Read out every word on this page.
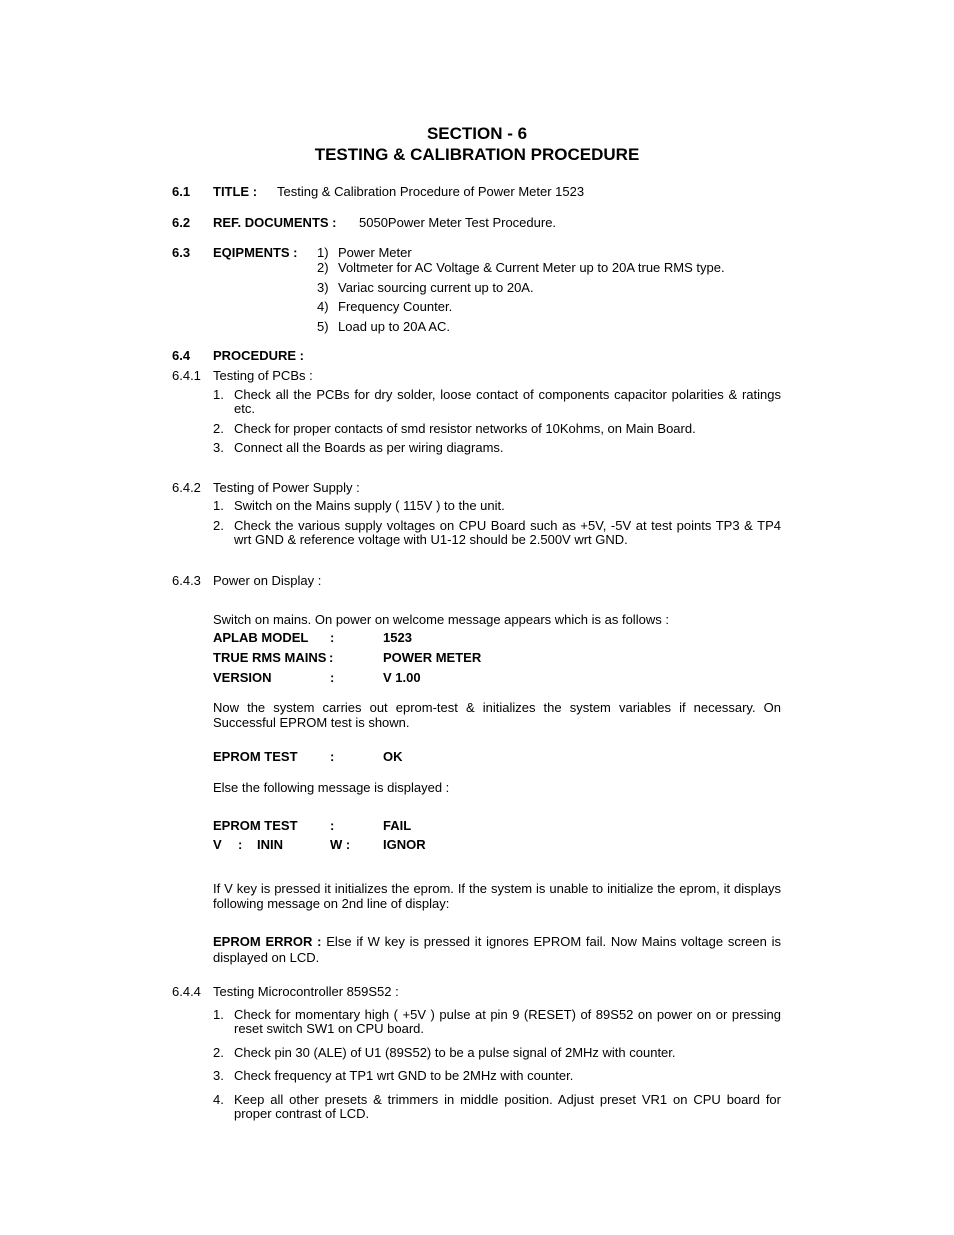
SECTION - 6
TESTING & CALIBRATION PROCEDURE
6.1 TITLE : Testing & Calibration Procedure of Power Meter 1523
6.2 REF. DOCUMENTS : 5050Power Meter Test Procedure.
6.3 EQIPMENTS : 1) Power Meter
2) Voltmeter for AC Voltage & Current Meter up to 20A true RMS type.
3) Variac sourcing current up to 20A.
4) Frequency Counter.
5) Load up to 20A AC.
6.4 PROCEDURE :
6.4.1 Testing of PCBs :
1. Check all the PCBs for dry solder, loose contact of components capacitor polarities & ratings etc.
2. Check for proper contacts of smd resistor networks of 10Kohms, on Main Board.
3. Connect all the Boards as per wiring diagrams.
6.4.2 Testing of Power Supply :
1. Switch on the Mains supply ( 115V ) to the unit.
2. Check the various supply voltages on CPU Board such as +5V, -5V at test points TP3 & TP4 wrt GND & reference voltage with U1-12 should be 2.500V wrt GND.
6.4.3 Power on Display :
Switch on mains. On power on welcome message appears which is as follows :
APLAB MODEL :	1523
TRUE RMS MAINS :	POWER METER
VERSION	:	V 1.00
Now the system carries out eprom-test & initializes the system variables if necessary. On Successful EPROM test is shown.
EPROM TEST :	OK
Else the following message is displayed :
EPROM TEST :	FAIL
V : ININ	W :	IGNOR
If V key is pressed it initializes the eprom. If the system is unable to initialize the eprom, it displays following message on 2nd line of display:
EPROM ERROR : Else if W key is pressed it ignores EPROM fail. Now Mains voltage screen is displayed on LCD.
6.4.4 Testing Microcontroller 859S52 :
1. Check for momentary high ( +5V ) pulse at pin 9 (RESET) of 89S52 on power on or pressing reset switch SW1 on CPU board.
2. Check pin 30 (ALE) of U1 (89S52) to be a pulse signal of 2MHz with counter.
3. Check frequency at TP1 wrt GND to be 2MHz with counter.
4. Keep all other presets & trimmers in middle position. Adjust preset VR1 on CPU board for proper contrast of LCD.
